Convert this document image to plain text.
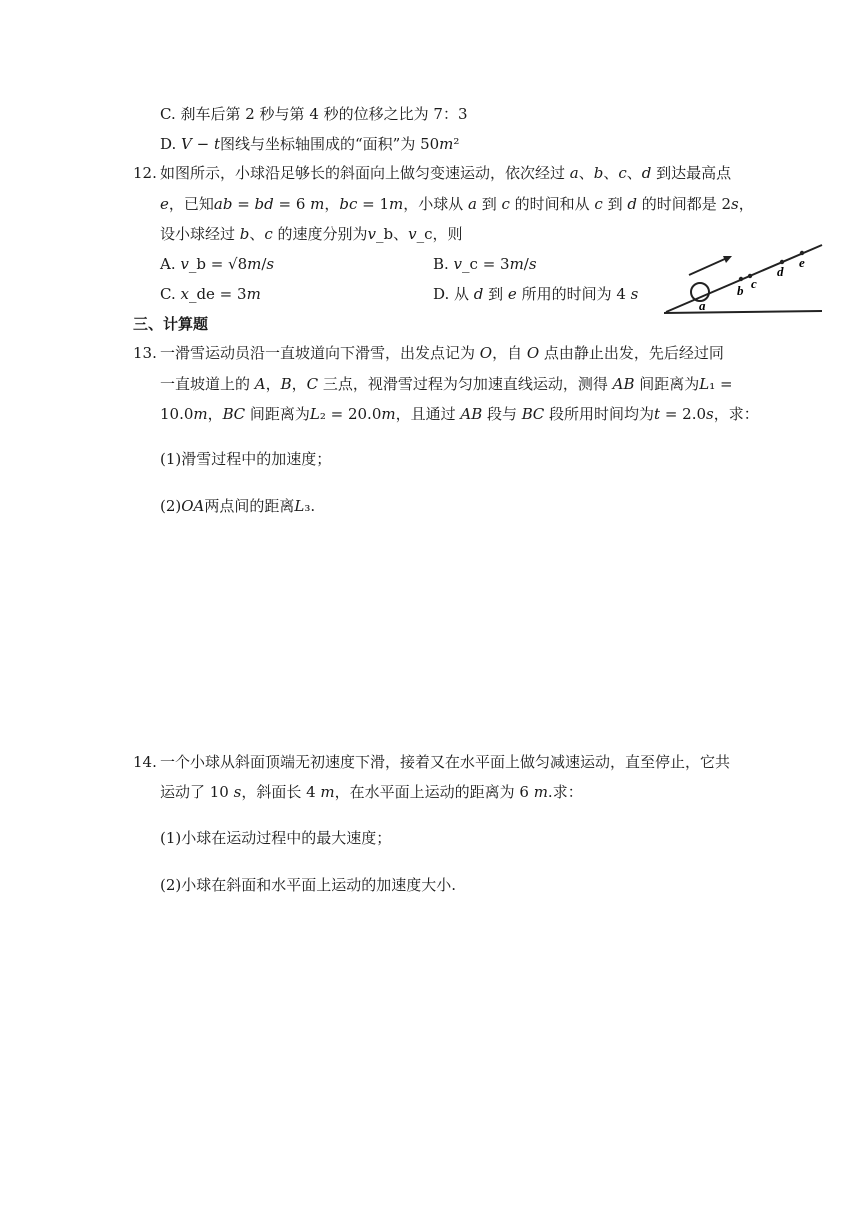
C. 刹车后第 2 秒与第 4 秒的位移之比为 7：3
D. 𝑉 − 𝑡图线与坐标轴围成的“面积”为 50𝑚²
12. 如图所示，小球沿足够长的斜面向上做匀变速运动，依次经过 𝑎、𝑏、𝑐、𝑑 到达最高点
𝑒，已知𝑎𝑏 = 𝑏𝑑 = 6 𝑚，𝑏𝑐 = 1𝑚，小球从 𝑎 到 𝑐 的时间和从 𝑐 到 𝑑 的时间都是 2𝑠，
设小球经过 𝑏、𝑐 的速度分别为𝑣_b、𝑣_c，则
A. 𝑣_b = √8𝑚/𝑠	B. 𝑣_c = 3𝑚/𝑠
C. 𝑥_de = 3𝑚	D. 从 𝑑 到 𝑒 所用的时间为 4 𝑠
a
b c
d
e
三、计算题
13. 一滑雪运动员沿一直坡道向下滑雪，出发点记为 𝑂，自 𝑂 点由静止出发，先后经过同
一直坡道上的 𝐴，𝐵，𝐶 三点，视滑雪过程为匀加速直线运动，测得 𝐴𝐵 间距离为𝐿₁ =
10.0𝑚，𝐵𝐶 间距离为𝐿₂ = 20.0𝑚，且通过 𝐴𝐵 段与 𝐵𝐶 段所用时间均为𝑡 = 2.0𝑠，求：
(1)滑雪过程中的加速度；
(2)𝑂𝐴两点间的距离𝐿₃.
14. 一个小球从斜面顶端无初速度下滑，接着又在水平面上做匀减速运动，直至停止，它共
运动了 10 𝑠，斜面长 4 𝑚，在水平面上运动的距离为 6 𝑚.求：
(1)小球在运动过程中的最大速度；
(2)小球在斜面和水平面上运动的加速度大小.
